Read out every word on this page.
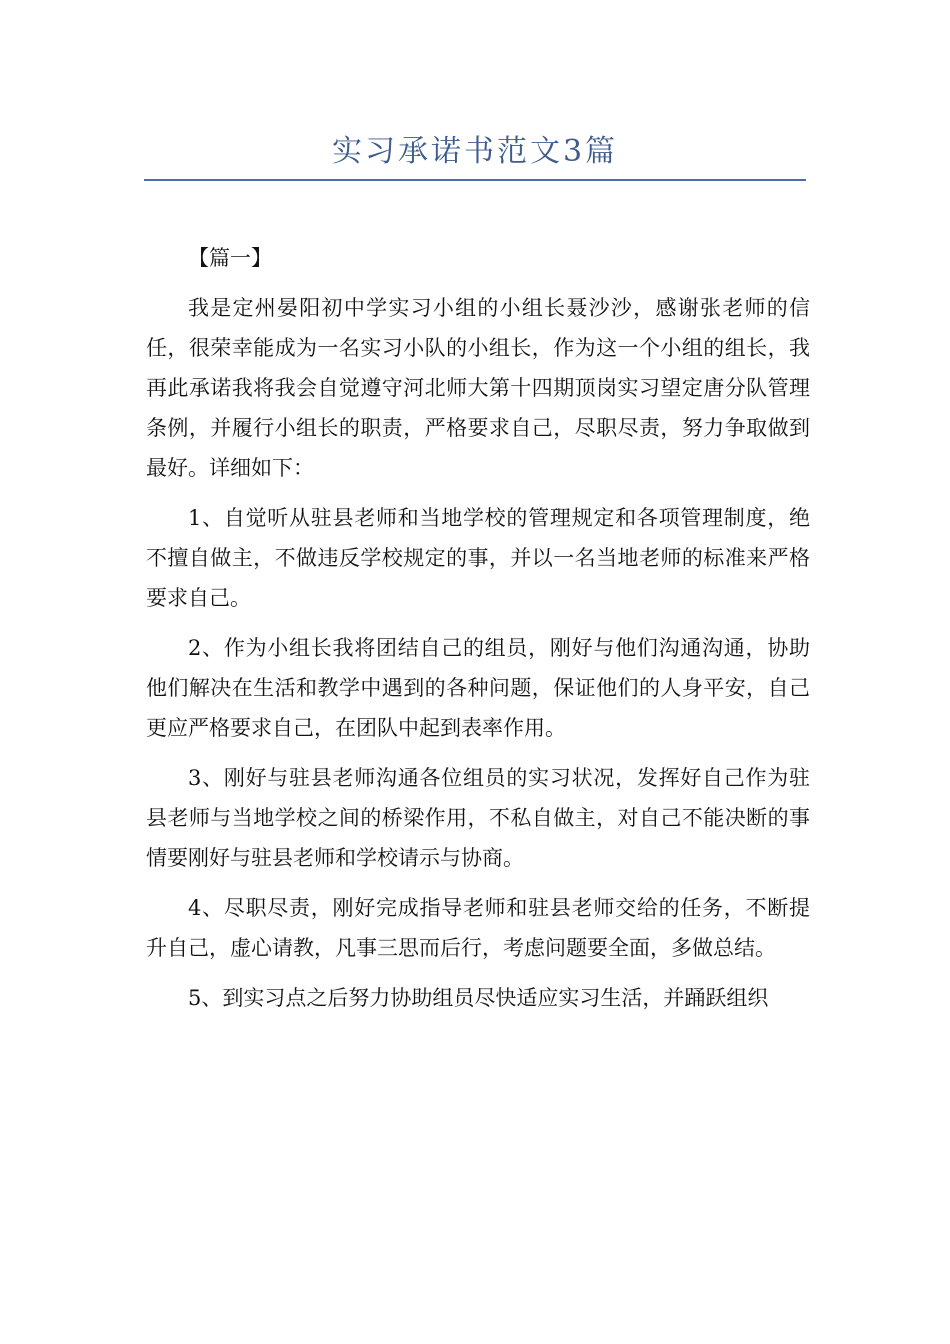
实习承诺书范文3篇

【篇一】

我是定州晏阳初中学实习小组的小组长聂沙沙，感谢张老师的信任，很荣幸能成为一名实习小队的小组长，作为这一个小组的组长，我再此承诺我将我会自觉遵守河北师大第十四期顶岗实习望定唐分队管理条例，并履行小组长的职责，严格要求自己，尽职尽责，努力争取做到最好。详细如下：

1、自觉听从驻县老师和当地学校的管理规定和各项管理制度，绝不擅自做主，不做违反学校规定的事，并以一名当地老师的标准来严格要求自己。

2、作为小组长我将团结自己的组员，刚好与他们沟通沟通，协助他们解决在生活和教学中遇到的各种问题，保证他们的人身平安，自己更应严格要求自己，在团队中起到表率作用。

3、刚好与驻县老师沟通各位组员的实习状况，发挥好自己作为驻县老师与当地学校之间的桥梁作用，不私自做主，对自己不能决断的事情要刚好与驻县老师和学校请示与协商。

4、尽职尽责，刚好完成指导老师和驻县老师交给的任务，不断提升自己，虚心请教，凡事三思而后行，考虑问题要全面，多做总结。

5、到实习点之后努力协助组员尽快适应实习生活，并踊跃组织
